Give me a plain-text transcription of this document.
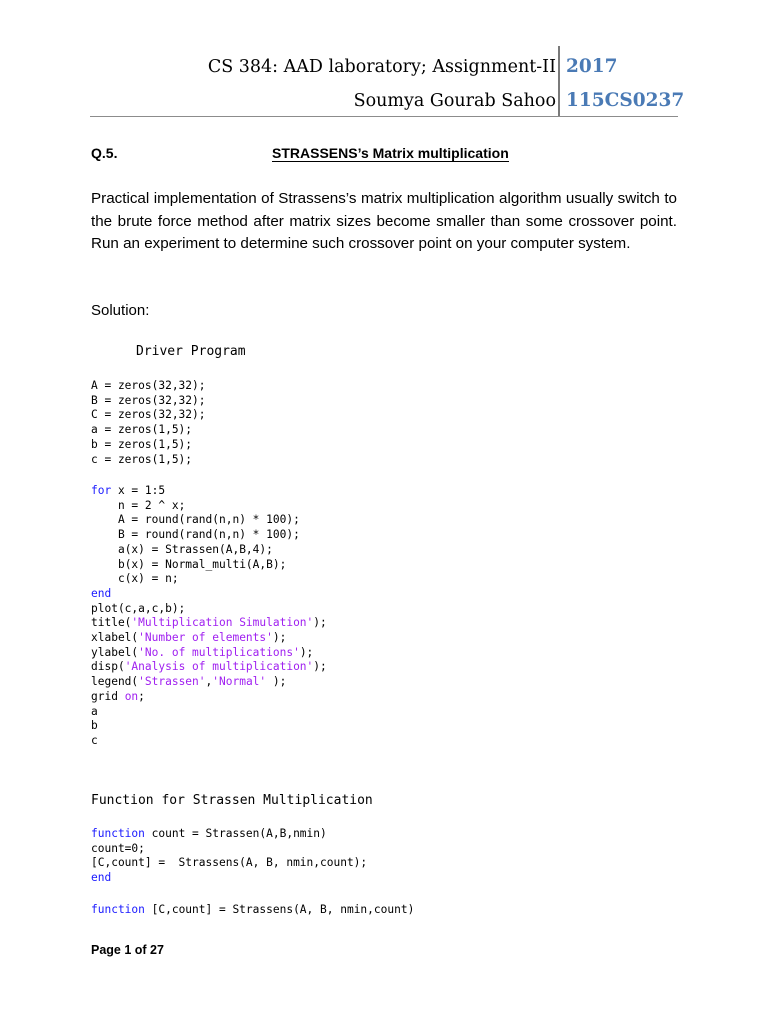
CS 384: AAD laboratory; Assignment-II
Soumya Gourab Sahoo
2017
115CS0237
Q.5.	STRASSENS’s Matrix multiplication
Practical implementation of Strassens’s matrix multiplication algorithm usually switch to the brute force method after matrix sizes become smaller than some crossover point. Run an experiment to determine such crossover point on your computer system.
Solution:
Driver Program
A = zeros(32,32);
B = zeros(32,32);
C = zeros(32,32);
a = zeros(1,5);
b = zeros(1,5);
c = zeros(1,5);
for x = 1:5
n = 2 ^ x;
A = round(rand(n,n) * 100);
B = round(rand(n,n) * 100);
a(x) = Strassen(A,B,4);
b(x) = Normal_multi(A,B);
c(x) = n;
end
plot(c,a,c,b);
title('Multiplication Simulation');
xlabel('Number of elements');
ylabel('No. of multiplications');
disp('Analysis of multiplication');
legend('Strassen','Normal' );
grid on;
a
b
c
Function for Strassen Multiplication
function count = Strassen(A,B,nmin)
count=0;
[C,count] =  Strassens(A, B, nmin,count);
end
function [C,count] = Strassens(A, B, nmin,count)
Page 1 of 27
